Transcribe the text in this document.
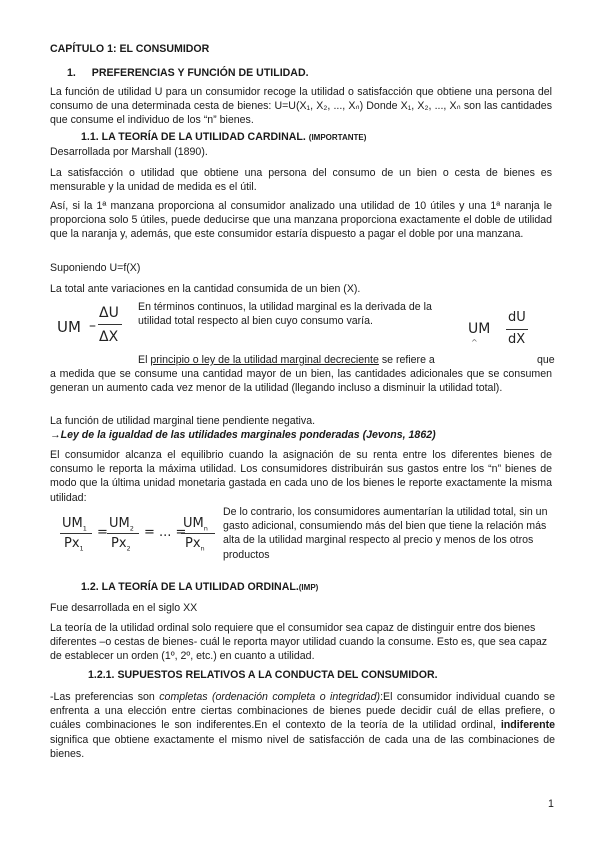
CAPÍTULO 1: EL CONSUMIDOR

1. PREFERENCIAS Y FUNCIÓN DE UTILIDAD.

La función de utilidad U para un consumidor recoge la utilidad o satisfacción que obtiene una persona del consumo de una determinada cesta de bienes: U=U(X₁, X₂, ..., Xₙ) Donde X₁, X₂, ..., Xₙ son las cantidades que consume el individuo de los “n” bienes.

1.1. LA TEORÍA DE LA UTILIDAD CARDINAL. (IMPORTANTE)

Desarrollada por Marshall (1890).

La satisfacción o utilidad que obtiene una persona del consumo de un bien o cesta de bienes es mensurable y la unidad de medida es el útil.

Así, si la 1ª manzana proporciona al consumidor analizado una utilidad de 10 útiles y una 1ª naranja le proporciona solo 5 útiles, puede deducirse que una manzana proporciona exactamente el doble de utilidad que la naranja y, además, que este consumidor estaría dispuesto a pagar el doble por una manzana.

Suponiendo U=f(X)

La total ante variaciones en la cantidad consumida de un bien (X).

UM –
ΔU
ΔX

En términos continuos, la utilidad marginal es la derivada de la utilidad total respecto al bien cuyo consumo varía.	UM
dU
dX
^

El principio o ley de la utilidad marginal decreciente se refiere a	que

a medida que se consume una cantidad mayor de un bien, las cantidades adicionales que se consumen generan un aumento cada vez menor de la utilidad (llegando incluso a disminuir la utilidad total).

La función de utilidad marginal tiene pendiente negativa.

→Ley de la igualdad de las utilidades marginales ponderadas (Jevons, 1862)

El consumidor alcanza el equilibrio cuando la asignación de su renta entre los diferentes bienes de consumo le reporta la máxima utilidad. Los consumidores distribuirán sus gastos entre los “n” bienes de modo que la última unidad monetaria gastada en cada uno de los bienes le reporte exactamente la misma utilidad:

$UM_1$
$Px_1$
=
$UM_2$
$Px_2$
= ... =
$UM_n$
$Px_n$

De lo contrario, los consumidores aumentarían la utilidad total, sin un gasto adicional, consumiendo más del bien que tiene la relación más alta de la utilidad marginal respecto al precio y menos de los otros productos

1.2. LA TEORÍA DE LA UTILIDAD ORDINAL.(IMP)

Fue desarrollada en el siglo XX

La teoría de la utilidad ordinal solo requiere que el consumidor sea capaz de distinguir entre dos bienes diferentes –o cestas de bienes- cuál le reporta mayor utilidad cuando la consume. Esto es, que sea capaz de establecer un orden (1º, 2º, etc.) en cuanto a utilidad.

1.2.1. SUPUESTOS RELATIVOS A LA CONDUCTA DEL CONSUMIDOR.

-Las preferencias son completas (ordenación completa o integridad):El consumidor individual cuando se enfrenta a una elección entre ciertas combinaciones de bienes puede decidir cuál de ellas prefiere, o cuáles combinaciones le son indiferentes.En el contexto de la teoría de la utilidad ordinal, indiferente significa que obtiene exactamente el mismo nivel de satisfacción de cada una de las combinaciones de bienes.

1
